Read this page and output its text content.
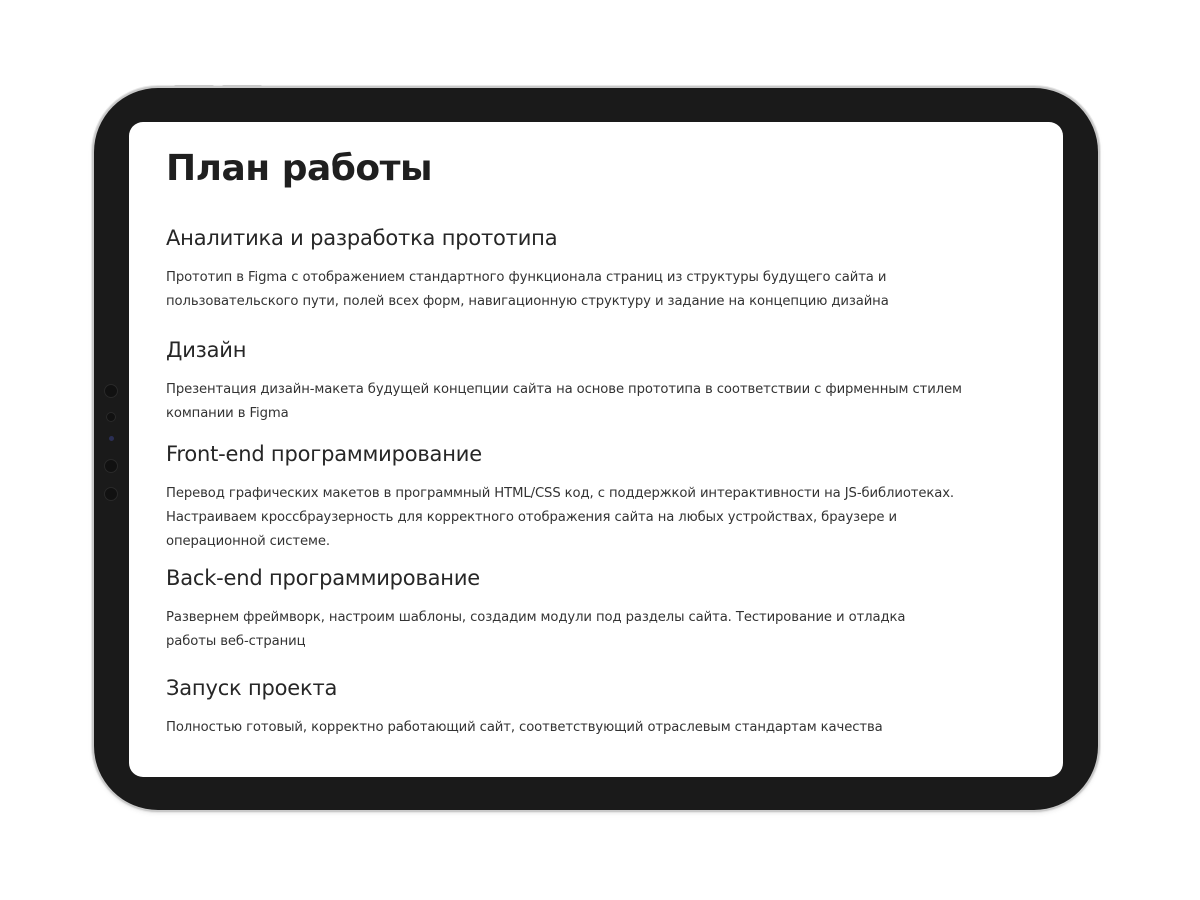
План работы
Аналитика и разработка прототипа

Прототип в Figma с отображением стандартного функционала страниц из структуры будущего сайта и
пользовательского пути, полей всех форм, навигационную структуру и задание на концепцию дизайна

Дизайн

Презентация дизайн-макета будущей концепции сайта на основе прототипа в соответствии с фирменным стилем
компании в Figma

Front-end программирование

Перевод графических макетов в программный HTML/CSS код, с поддержкой интерактивности на JS-библиотеках.
Настраиваем кроссбраузерность для корректного отображения сайта на любых устройствах, браузере и
операционной системе.

Back-end программирование

Развернем фреймворк, настроим шаблоны, создадим модули под разделы сайта. Тестирование и отладка
работы веб-страниц

Запуск проекта

Полностью готовый, корректно работающий сайт, соответствующий отраслевым стандартам качества
